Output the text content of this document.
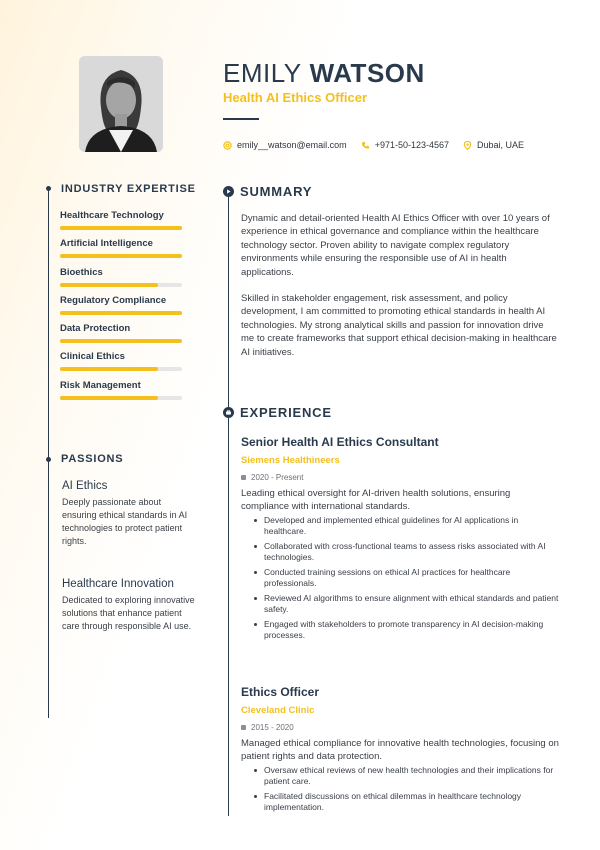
EMILY WATSON
Health AI Ethics Officer
emily__watson@email.com	+971-50-123-4567	Dubai, UAE
INDUSTRY EXPERTISE
Healthcare Technology
Artificial Intelligence
Bioethics
Regulatory Compliance
Data Protection
Clinical Ethics
Risk Management
PASSIONS
AI Ethics
Deeply passionate about ensuring ethical standards in AI technologies to protect patient rights.
Healthcare Innovation
Dedicated to exploring innovative solutions that enhance patient care through responsible AI use.
SUMMARY

Dynamic and detail-oriented Health AI Ethics Officer with over 10 years of experience in ethical governance and compliance within the healthcare technology sector. Proven ability to navigate complex regulatory environments while ensuring the responsible use of AI in health applications.

Skilled in stakeholder engagement, risk assessment, and policy development, I am committed to promoting ethical standards in health AI technologies. My strong analytical skills and passion for innovation drive me to create frameworks that support ethical decision-making in healthcare AI initiatives.

EXPERIENCE
Senior Health AI Ethics Consultant
Siemens Healthineers
2020 - Present
Leading ethical oversight for AI-driven health solutions, ensuring compliance with international standards.
Developed and implemented ethical guidelines for AI applications in healthcare.
Collaborated with cross-functional teams to assess risks associated with AI technologies.
Conducted training sessions on ethical AI practices for healthcare professionals.
Reviewed AI algorithms to ensure alignment with ethical standards and patient safety.
Engaged with stakeholders to promote transparency in AI decision-making processes.
Ethics Officer
Cleveland Clinic
2015 - 2020
Managed ethical compliance for innovative health technologies, focusing on patient rights and data protection.
Oversaw ethical reviews of new health technologies and their implications for patient care.
Facilitated discussions on ethical dilemmas in healthcare technology implementation.
